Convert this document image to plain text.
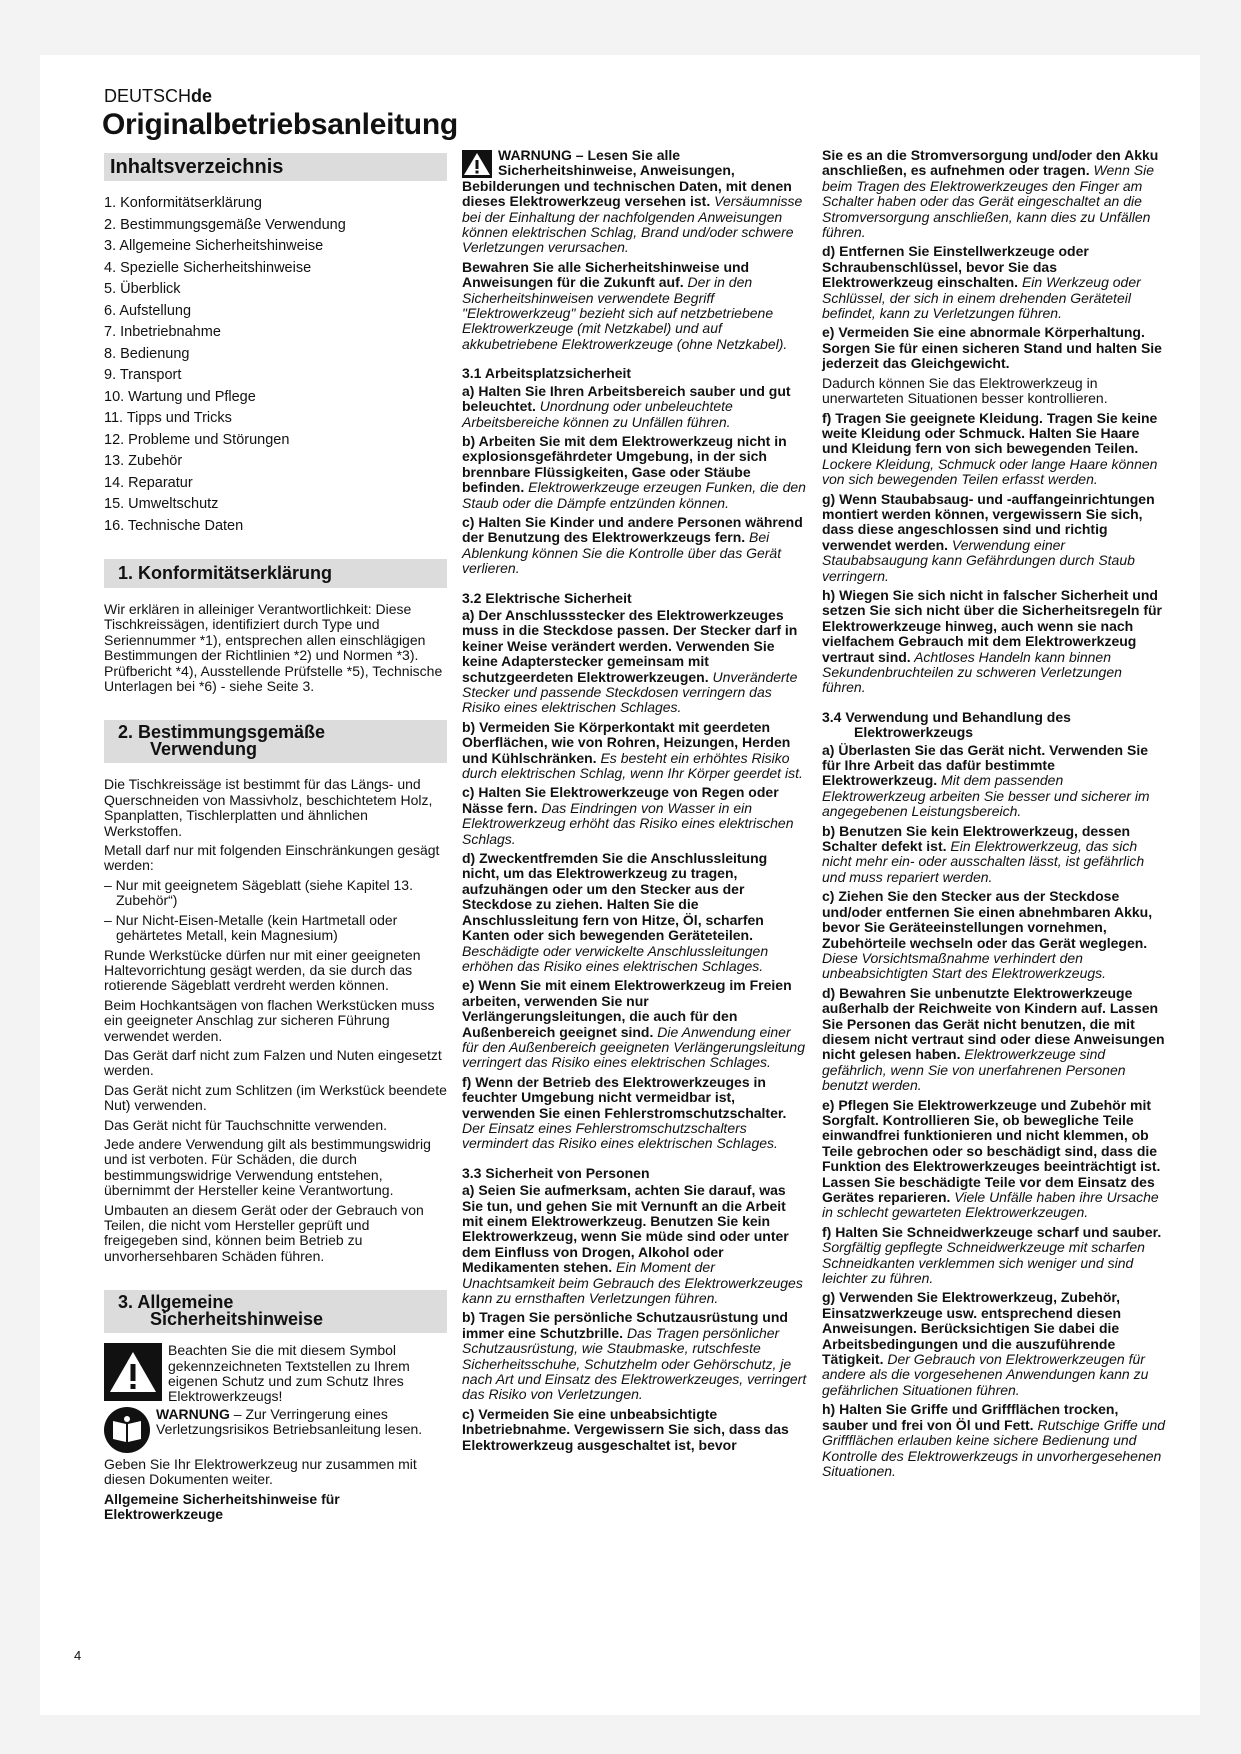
DEUTSCHde
Originalbetriebsanleitung
Inhaltsverzeichnis
1. Konformitätserklärung
2. Bestimmungsgemäße Verwendung
3. Allgemeine Sicherheitshinweise
4. Spezielle Sicherheitshinweise
5. Überblick
6. Aufstellung
7. Inbetriebnahme
8. Bedienung
9. Transport
10. Wartung und Pflege
11. Tipps und Tricks
12. Probleme und Störungen
13. Zubehör
14. Reparatur
15. Umweltschutz
16. Technische Daten
1. Konformitätserklärung

Wir erklären in alleiniger Verantwortlichkeit: Diese Tischkreissägen, identifiziert durch Type und Seriennummer *1), entsprechen allen einschlägigen Bestimmungen der Richtlinien *2) und Normen *3). Prüfbericht *4), Ausstellende Prüfstelle *5), Technische Unterlagen bei *6) - siehe Seite 3.

2. Bestimmungsgemäße
Verwendung

Die Tischkreissäge ist bestimmt für das Längs- und Querschneiden von Massivholz, beschichtetem Holz, Spanplatten, Tischlerplatten und ähnlichen Werkstoffen.

Metall darf nur mit folgenden Einschränkungen gesägt werden:

– Nur mit geeignetem Sägeblatt (siehe Kapitel 13. Zubehör“)

– Nur Nicht-Eisen-Metalle (kein Hartmetall oder gehärtetes Metall, kein Magnesium)

Runde Werkstücke dürfen nur mit einer geeigneten Haltevorrichtung gesägt werden, da sie durch das rotierende Sägeblatt verdreht werden können.

Beim Hochkantsägen von flachen Werkstücken muss ein geeigneter Anschlag zur sicheren Führung verwendet werden.

Das Gerät darf nicht zum Falzen und Nuten eingesetzt werden.

Das Gerät nicht zum Schlitzen (im Werkstück beendete Nut) verwenden.

Das Gerät nicht für Tauchschnitte verwenden.

Jede andere Verwendung gilt als bestimmungswidrig und ist verboten. Für Schäden, die durch bestimmungswidrige Verwendung entstehen, übernimmt der Hersteller keine Verantwortung.

Umbauten an diesem Gerät oder der Gebrauch von Teilen, die nicht vom Hersteller geprüft und freigegeben sind, können beim Betrieb zu unvorhersehbaren Schäden führen.

3. Allgemeine
Sicherheitshinweise

Beachten Sie die mit diesem Symbol gekennzeichneten Textstellen zu Ihrem eigenen Schutz und zum Schutz Ihres Elektrowerkzeugs!

WARNUNG – Zur Verringerung eines Verletzungsrisikos Betriebsanleitung lesen.

Geben Sie Ihr Elektrowerkzeug nur zusammen mit diesen Dokumenten weiter.

Allgemeine Sicherheitshinweise für Elektrowerkzeuge

WARNUNG – Lesen Sie alle Sicherheitshinweise, Anweisungen, Bebilderungen und technischen Daten, mit denen dieses Elektrowerkzeug versehen ist. Versäumnisse bei der Einhaltung der nachfolgenden Anweisungen können elektrischen Schlag, Brand und/oder schwere Verletzungen verursachen.

Bewahren Sie alle Sicherheitshinweise und Anweisungen für die Zukunft auf. Der in den Sicherheitshinweisen verwendete Begriff "Elektrowerkzeug" bezieht sich auf netzbetriebene Elektrowerkzeuge (mit Netzkabel) und auf akkubetriebene Elektrowerkzeuge (ohne Netzkabel).

3.1 Arbeitsplatzsicherheit

a) Halten Sie Ihren Arbeitsbereich sauber und gut beleuchtet. Unordnung oder unbeleuchtete Arbeitsbereiche können zu Unfällen führen.

b) Arbeiten Sie mit dem Elektrowerkzeug nicht in explosionsgefährdeter Umgebung, in der sich brennbare Flüssigkeiten, Gase oder Stäube befinden. Elektrowerkzeuge erzeugen Funken, die den Staub oder die Dämpfe entzünden können.

c) Halten Sie Kinder und andere Personen während der Benutzung des Elektrowerkzeugs fern. Bei Ablenkung können Sie die Kontrolle über das Gerät verlieren.

3.2 Elektrische Sicherheit

a) Der Anschlussstecker des Elektrowerkzeuges muss in die Steckdose passen. Der Stecker darf in keiner Weise verändert werden. Verwenden Sie keine Adapterstecker gemeinsam mit schutzgeerdeten Elektrowerkzeugen. Unveränderte Stecker und passende Steckdosen verringern das Risiko eines elektrischen Schlages.

b) Vermeiden Sie Körperkontakt mit geerdeten Oberflächen, wie von Rohren, Heizungen, Herden und Kühlschränken. Es besteht ein erhöhtes Risiko durch elektrischen Schlag, wenn Ihr Körper geerdet ist.

c) Halten Sie Elektrowerkzeuge von Regen oder Nässe fern. Das Eindringen von Wasser in ein Elektrowerkzeug erhöht das Risiko eines elektrischen Schlags.

d) Zweckentfremden Sie die Anschlussleitung nicht, um das Elektrowerkzeug zu tragen, aufzuhängen oder um den Stecker aus der Steckdose zu ziehen. Halten Sie die Anschlussleitung fern von Hitze, Öl, scharfen Kanten oder sich bewegenden Geräteteilen. Beschädigte oder verwickelte Anschlussleitungen erhöhen das Risiko eines elektrischen Schlages.

e) Wenn Sie mit einem Elektrowerkzeug im Freien arbeiten, verwenden Sie nur Verlängerungsleitungen, die auch für den Außenbereich geeignet sind. Die Anwendung einer für den Außenbereich geeigneten Verlängerungsleitung verringert das Risiko eines elektrischen Schlages.

f) Wenn der Betrieb des Elektrowerkzeuges in feuchter Umgebung nicht vermeidbar ist, verwenden Sie einen Fehlerstromschutzschalter. Der Einsatz eines Fehlerstromschutzschalters vermindert das Risiko eines elektrischen Schlages.

3.3 Sicherheit von Personen

a) Seien Sie aufmerksam, achten Sie darauf, was Sie tun, und gehen Sie mit Vernunft an die Arbeit mit einem Elektrowerkzeug. Benutzen Sie kein Elektrowerkzeug, wenn Sie müde sind oder unter dem Einfluss von Drogen, Alkohol oder Medikamenten stehen. Ein Moment der Unachtsamkeit beim Gebrauch des Elektrowerkzeuges kann zu ernsthaften Verletzungen führen.

b) Tragen Sie persönliche Schutzausrüstung und immer eine Schutzbrille. Das Tragen persönlicher Schutzausrüstung, wie Staubmaske, rutschfeste Sicherheitsschuhe, Schutzhelm oder Gehörschutz, je nach Art und Einsatz des Elektrowerkzeuges, verringert das Risiko von Verletzungen.

c) Vermeiden Sie eine unbeabsichtigte Inbetriebnahme. Vergewissern Sie sich, dass das Elektrowerkzeug ausgeschaltet ist, bevor

Sie es an die Stromversorgung und/oder den Akku anschließen, es aufnehmen oder tragen. Wenn Sie beim Tragen des Elektrowerkzeuges den Finger am Schalter haben oder das Gerät eingeschaltet an die Stromversorgung anschließen, kann dies zu Unfällen führen.

d) Entfernen Sie Einstellwerkzeuge oder Schraubenschlüssel, bevor Sie das Elektrowerkzeug einschalten. Ein Werkzeug oder Schlüssel, der sich in einem drehenden Geräteteil befindet, kann zu Verletzungen führen.

e) Vermeiden Sie eine abnormale Körperhaltung. Sorgen Sie für einen sicheren Stand und halten Sie jederzeit das Gleichgewicht.

Dadurch können Sie das Elektrowerkzeug in unerwarteten Situationen besser kontrollieren.

f) Tragen Sie geeignete Kleidung. Tragen Sie keine weite Kleidung oder Schmuck. Halten Sie Haare und Kleidung fern von sich bewegenden Teilen. Lockere Kleidung, Schmuck oder lange Haare können von sich bewegenden Teilen erfasst werden.

g) Wenn Staubabsaug- und -auffangeinrichtungen montiert werden können, vergewissern Sie sich, dass diese angeschlossen sind und richtig verwendet werden. Verwendung einer Staubabsaugung kann Gefährdungen durch Staub verringern.

h) Wiegen Sie sich nicht in falscher Sicherheit und setzen Sie sich nicht über die Sicherheitsregeln für Elektrowerkzeuge hinweg, auch wenn sie nach vielfachem Gebrauch mit dem Elektrowerkzeug vertraut sind. Achtloses Handeln kann binnen Sekundenbruchteilen zu schweren Verletzungen führen.

3.4 Verwendung und Behandlung des
Elektrowerkzeugs

a) Überlasten Sie das Gerät nicht. Verwenden Sie für Ihre Arbeit das dafür bestimmte Elektrowerkzeug. Mit dem passenden Elektrowerkzeug arbeiten Sie besser und sicherer im angegebenen Leistungsbereich.

b) Benutzen Sie kein Elektrowerkzeug, dessen Schalter defekt ist. Ein Elektrowerkzeug, das sich nicht mehr ein- oder ausschalten lässt, ist gefährlich und muss repariert werden.

c) Ziehen Sie den Stecker aus der Steckdose und/oder entfernen Sie einen abnehmbaren Akku, bevor Sie Geräteeinstellungen vornehmen, Zubehörteile wechseln oder das Gerät weglegen. Diese Vorsichtsmaßnahme verhindert den unbeabsichtigten Start des Elektrowerkzeugs.

d) Bewahren Sie unbenutzte Elektrowerkzeuge außerhalb der Reichweite von Kindern auf. Lassen Sie Personen das Gerät nicht benutzen, die mit diesem nicht vertraut sind oder diese Anweisungen nicht gelesen haben. Elektrowerkzeuge sind gefährlich, wenn Sie von unerfahrenen Personen benutzt werden.

e) Pflegen Sie Elektrowerkzeuge und Zubehör mit Sorgfalt. Kontrollieren Sie, ob bewegliche Teile einwandfrei funktionieren und nicht klemmen, ob Teile gebrochen oder so beschädigt sind, dass die Funktion des Elektrowerkzeuges beeinträchtigt ist. Lassen Sie beschädigte Teile vor dem Einsatz des Gerätes reparieren. Viele Unfälle haben ihre Ursache in schlecht gewarteten Elektrowerkzeugen.

f) Halten Sie Schneidwerkzeuge scharf und sauber. Sorgfältig gepflegte Schneidwerkzeuge mit scharfen Schneidkanten verklemmen sich weniger und sind leichter zu führen.

g) Verwenden Sie Elektrowerkzeug, Zubehör, Einsatzwerkzeuge usw. entsprechend diesen Anweisungen. Berücksichtigen Sie dabei die Arbeitsbedingungen und die auszuführende Tätigkeit. Der Gebrauch von Elektrowerkzeugen für andere als die vorgesehenen Anwendungen kann zu gefährlichen Situationen führen.

h) Halten Sie Griffe und Griffflächen trocken, sauber und frei von Öl und Fett. Rutschige Griffe und Griffflächen erlauben keine sichere Bedienung und Kontrolle des Elektrowerkzeugs in unvorhergesehenen Situationen.

4
